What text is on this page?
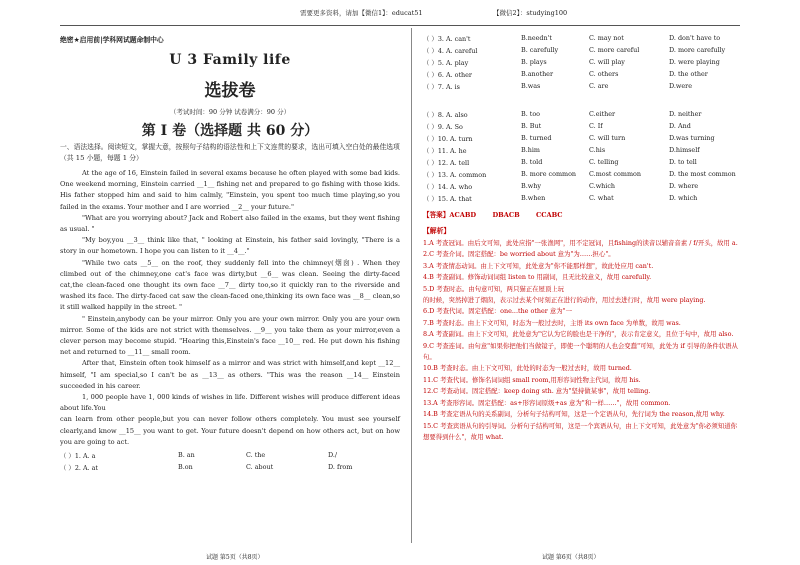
需要更多资料，请加【微信1】：educat51	【微信2】：studying100
绝密★启用前|学科网试题命制中心
U 3 Family life
选拔卷
（考试时间：90 分钟 试卷满分：90 分）
第 I 卷（选择题 共 60 分）
一、语法选择。阅读短文，掌握大意，按照句子结构的语法性和上下文连贯的要求，选出可填入空白处的最佳选项（共 15 小题，每题 1 分）

At the age of 16, Einstein failed in several exams because he often played with some bad kids. One weekend morning, Einstein carried __1__ fishing net and prepared to go fishing with those kids. His father stopped him and said to him calmly, "Einstein, you spent too much time playing,so you failed in the exams. Your mother and I are worried __2__ your future."

"What are you worrying about? Jack and Robert also failed in the exams, but they went fishing as usual. "

"My boy,you __3__ think like that, " looking at Einstein, his father said lovingly, "There is a story in our hometown. I hope you can listen to it __4__."

"While two cats __5__ on the roof, they suddenly fell into the chimney(烟囱) . When they climbed out of the chimney,one cat's face was dirty,but __6__ was clean. Seeing the dirty-faced cat,the clean-faced one thought its own face __7__ dirty too,so it quickly ran to the riverside and washed its face. The dirty-faced cat saw the clean-faced one,thinking its own face was __8__ clean,so it still walked happily in the street. "

" Einstein,anybody can be your mirror. Only you are your own mirror. Only you are your own mirror. Some of the kids are not strict with themselves. __9__ you take them as your mirror,even a clever person may become stupid. "Hearing this,Einstein's face __10__ red. He put down his fishing net and returned to __11__ small room.

After that, Einstein often took himself as a mirror and was strict with himself,and kept __12__ himself, "I am special,so I can't be as __13__ as others. "This was the reason __14__ Einstein succeeded in his career.

1, 000 people have 1, 000 kinds of wishes in life. Different wishes will produce different ideas about life.You

can learn from other people,but you can never follow others completely. You must see yourself clearly,and know __15__ you want to get. Your future doesn't depend on how others act, but on how you are going to act.

（ ）1. A. a	B. an	C. the	D./
（ ）2. A. at	B.on	C. about	D. from
试题 第5页（共8页）
（ ）3. A. can't	B.needn't	C. may not	D. don't have to
（ ）4. A. careful	B. carefully	C. more careful	D. more carefully
（ ）5. A. play	B. plays	C. will play	D. were playing
（ ）6. A. other	B.another	C. others	D. the other
（ ）7. A. is	B.was	C. are	D.were
（ ）8. A. also	B. too	C.either	D. neither
（ ）9. A. So	B. But	C. If	D. And
（ ）10. A. turn	B. turned	C. will turn	D.was turning
（ ）11. A. he	B.him	C.his	D.himself
（ ）12. A. tell	B. told	C. telling	D. to tell
（ ）13. A. common	B. more common C.most common	D. the most common
（ ）14. A. who	B.why	C.which	D. where
（ ）15. A. that	B.when	C. what	D. which
【答案】ACABD DBACB CCABC
【解析】

1.A 考查冠词。由后文可知，此处应指"一张渔网"，用不定冠词，且fishing的读音以辅音音素 / f/开头，故用 a.

2.C 考查介词。固定搭配：be worried about 意为"为……担心"。

3.A 考查情态动词。由上下文可知，此处意为"你不能那样想"，故此处应用 can't.

4.B 考查副词。修饰动词词组 listen to 用副词，且无比较意义，故用 carefully.

5.D 考查时态。由句意可知，两只猫正在屋顶上玩

的时候，突然掉进了烟囱，表示过去某个时刻正在进行的动作，用过去进行时，故用 were playing.

6.D 考查代词。固定搭配：one...the other 意为"一

7.B 考查时态。由上下文可知，时态为一般过去时，主语 its own face 为单数，故用 was.

8.A 考查副词。由上下文可知，此处意为"它认为它的脸也是干净的"，表示肯定意义，且位于句中，故用 also.

9.C 考查连词。由句意"如果你把他们当做镜子，即使一个聪明的人也会变蠢"可知，此处为 if 引导的条件状语从句。

10.B 考查时态。由上下文可知，此处的时态为一般过去时，故用 turned.

11.C 考查代词。修饰名词词组 small room,用形容词性物主代词，故用 his.

12.C 考查动词。固定搭配：keep doing sth. 意为"坚持做某事"，故用 telling.

13.A 考查形容词。固定搭配：as+形容词原级+as 意为"和一样……"，故用 common.

14.B 考查定语从句的关系副词，分析句子结构可知，这是一个定语从句，先行词为 the reason,故用 why.

15.C 考查宾语从句的引导词。分析句子结构可知，这是一个宾语从句，由上下文可知，此处意为"你必须知道你想要得到什么"，故用 what.

试题 第6页（共8页）
